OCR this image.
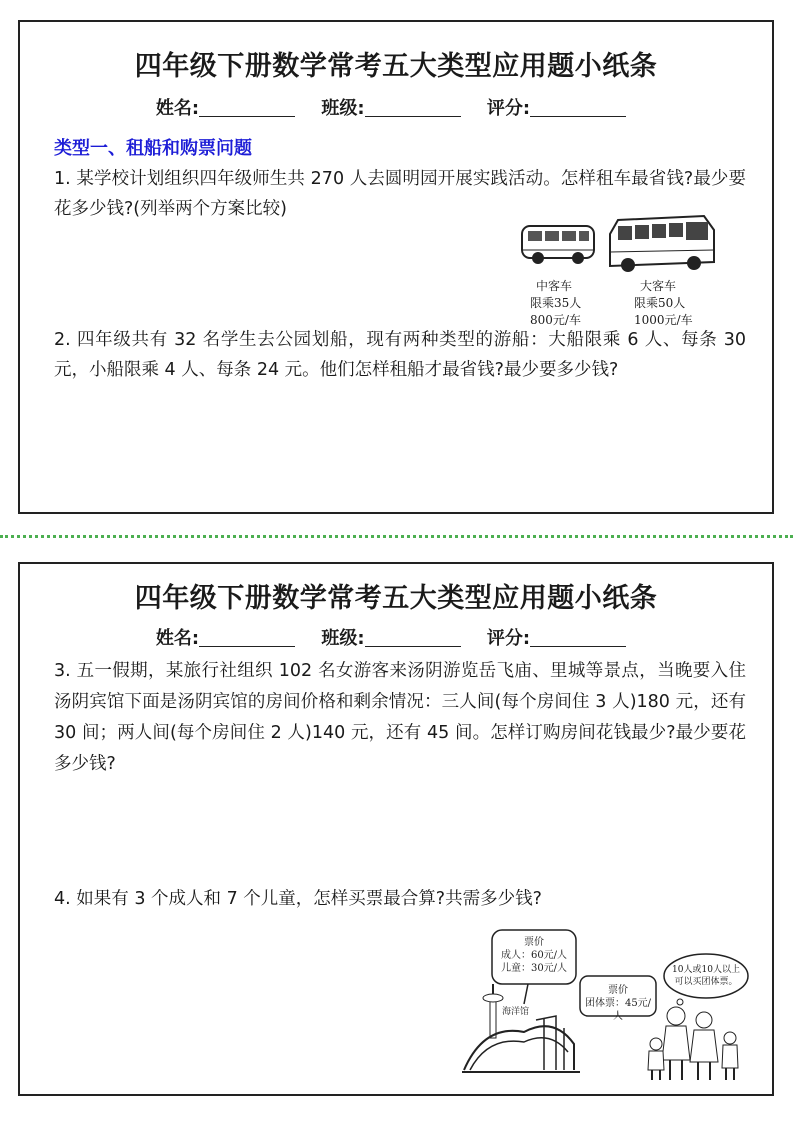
四年级下册数学常考五大类型应用题小纸条
姓名:	班级:	评分:
类型一、租船和购票问题
1. 某学校计划组织四年级师生共 270 人去圆明园开展实践活动。怎样租车最省钱?最少要花多少钱?(列举两个方案比较)
中客车
限乘35人
800元/车
大客车
限乘50人
1000元/车
2. 四年级共有 32 名学生去公园划船，现有两种类型的游船：大船限乘 6 人、每条 30 元，小船限乘 4 人、每条 24 元。他们怎样租船才最省钱?最少要多少钱?
四年级下册数学常考五大类型应用题小纸条
姓名:	班级:	评分:
3. 五一假期，某旅行社组织 102 名女游客来汤阴游览岳飞庙、里城等景点，当晚要入住汤阴宾馆下面是汤阴宾馆的房间价格和剩余情况：三人间(每个房间住 3 人)180 元，还有 30 间；两人间(每个房间住 2 人)140 元，还有 45 间。怎样订购房间花钱最少?最少要花多少钱?
4. 如果有 3 个成人和 7 个儿童，怎样买票最合算?共需多少钱?
票价
成人：60元/人
儿童：30元/人
票价
团体票：45元/人
海洋馆
10人或10人以上
可以买团体票。
